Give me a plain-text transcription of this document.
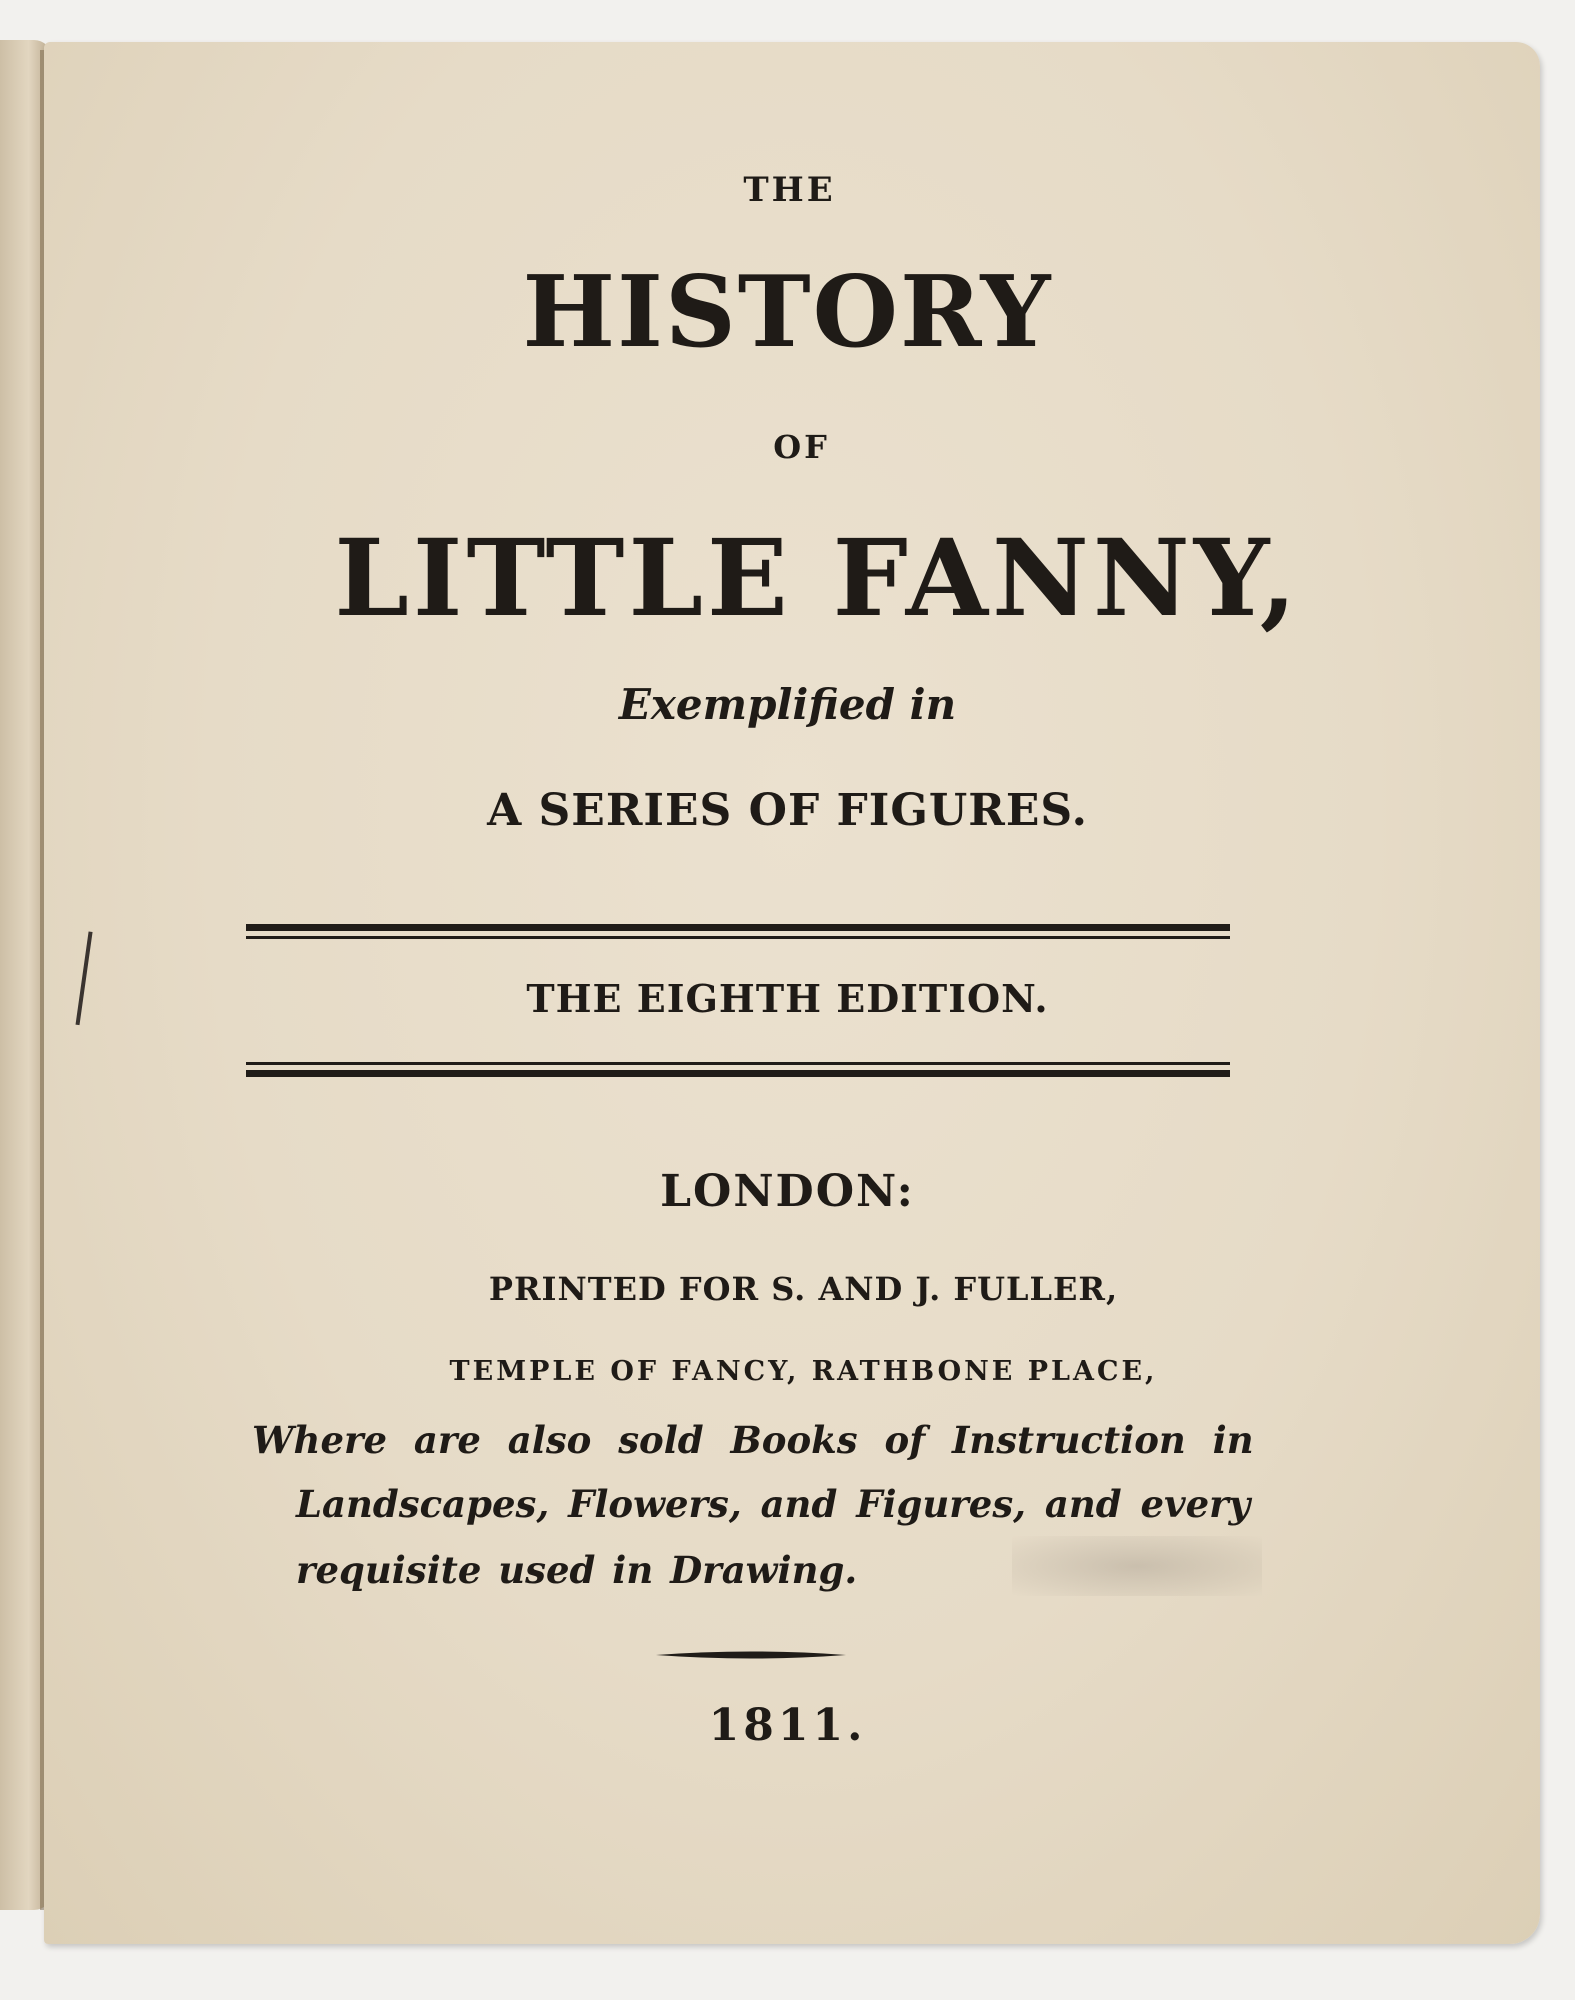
THE
HISTORY
OF
LITTLE FANNY,
Exemplified in
A SERIES OF FIGURES.
THE EIGHTH EDITION.
LONDON:
PRINTED FOR S. AND J. FULLER,
TEMPLE OF FANCY, RATHBONE PLACE,
Where are also sold Books of Instruction in
Landscapes, Flowers, and Figures, and every
requisite used in Drawing.
1811.
